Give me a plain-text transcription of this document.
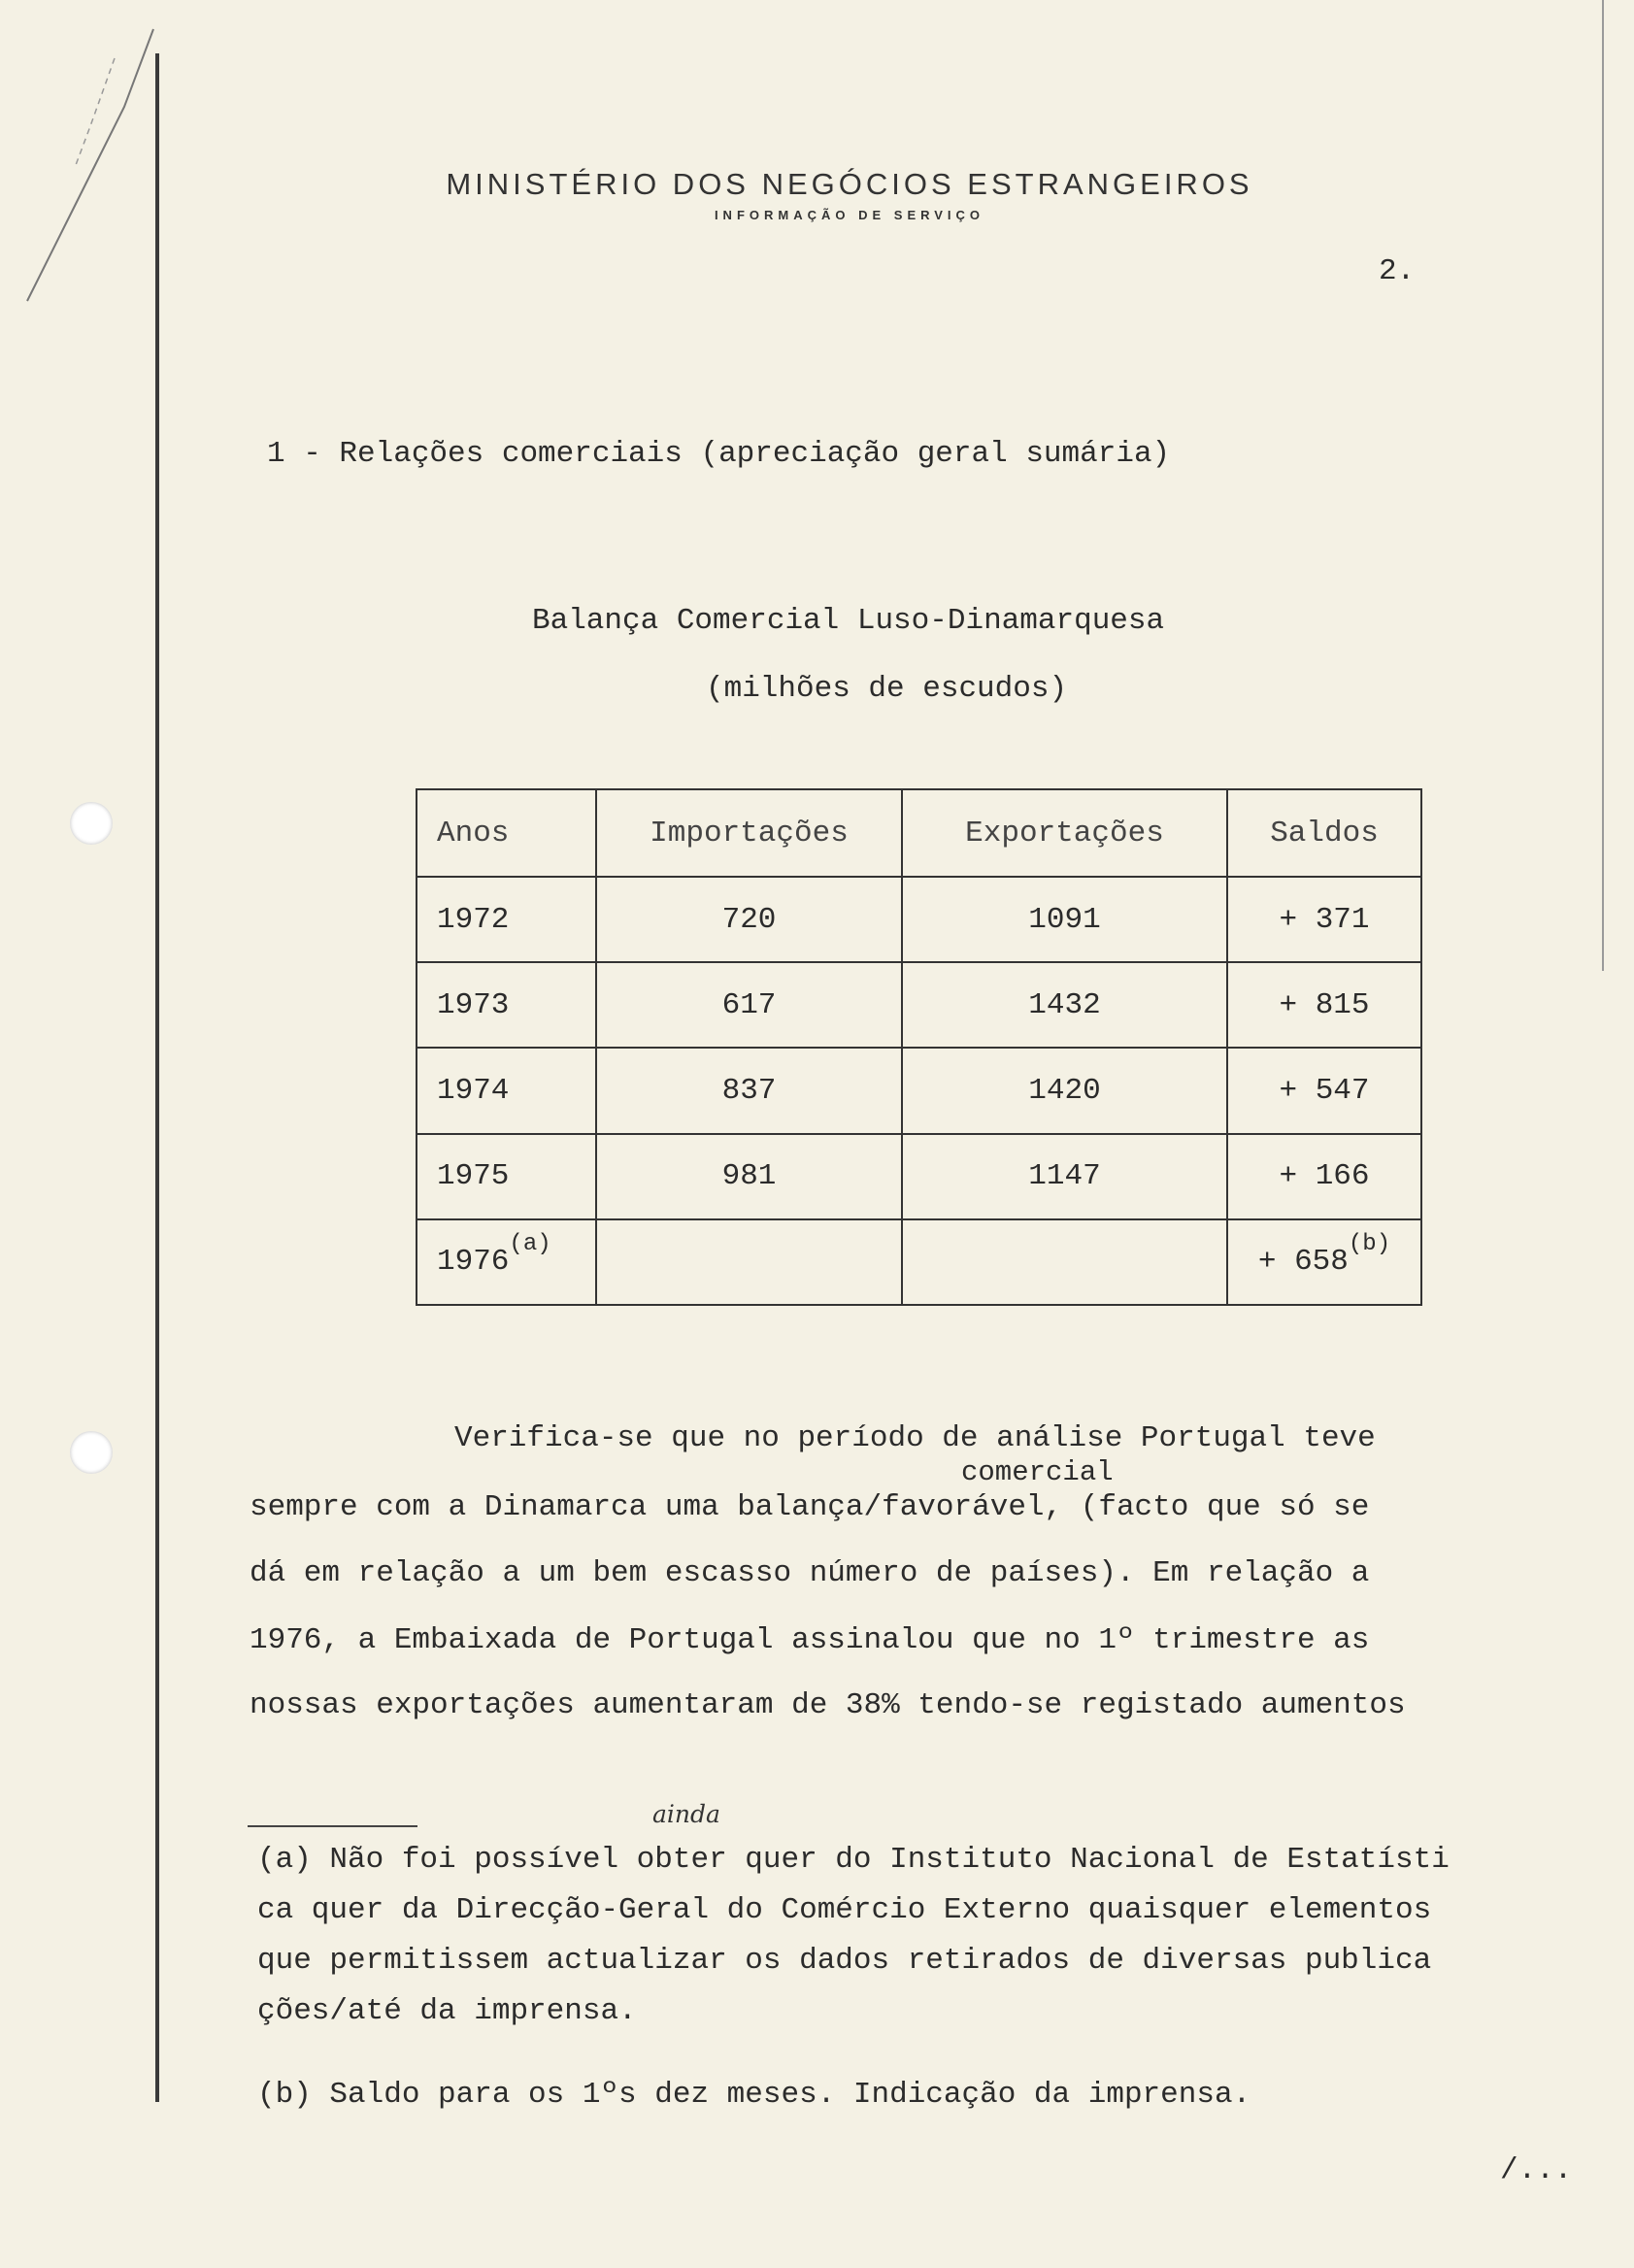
MINISTÉRIO DOS NEGÓCIOS ESTRANGEIROS
INFORMAÇÃO DE SERVIÇO
2.
1 - Relações comerciais (apreciação geral sumária)
Balança Comercial Luso-Dinamarquesa
(milhões de escudos)
Anos	Importações	Exportações	Saldos
1972	720	1091	+ 371
1973	617	1432	+ 815
1974	837	1420	+ 547
1975	981	1147	+ 166
1976$^{(a)}$			+ 658$^{(b)}$
Verifica-se que no período de análise Portugal teve
comercial
sempre com a Dinamarca uma balança/favorável, (facto que só se
dá em relação a um bem escasso número de países). Em relação a
1976, a Embaixada de Portugal assinalou que no 1º trimestre as
nossas exportações aumentaram de 38% tendo-se registado aumentos
ainda
(a) Não foi possível obter quer do Instituto Nacional de Estatísti
ca quer da Direcção-Geral do Comércio Externo quaisquer elementos
que permitissem actualizar os dados retirados de diversas publica
ções/até da imprensa.
(b) Saldo para os 1ºs dez meses. Indicação da imprensa.
/...
